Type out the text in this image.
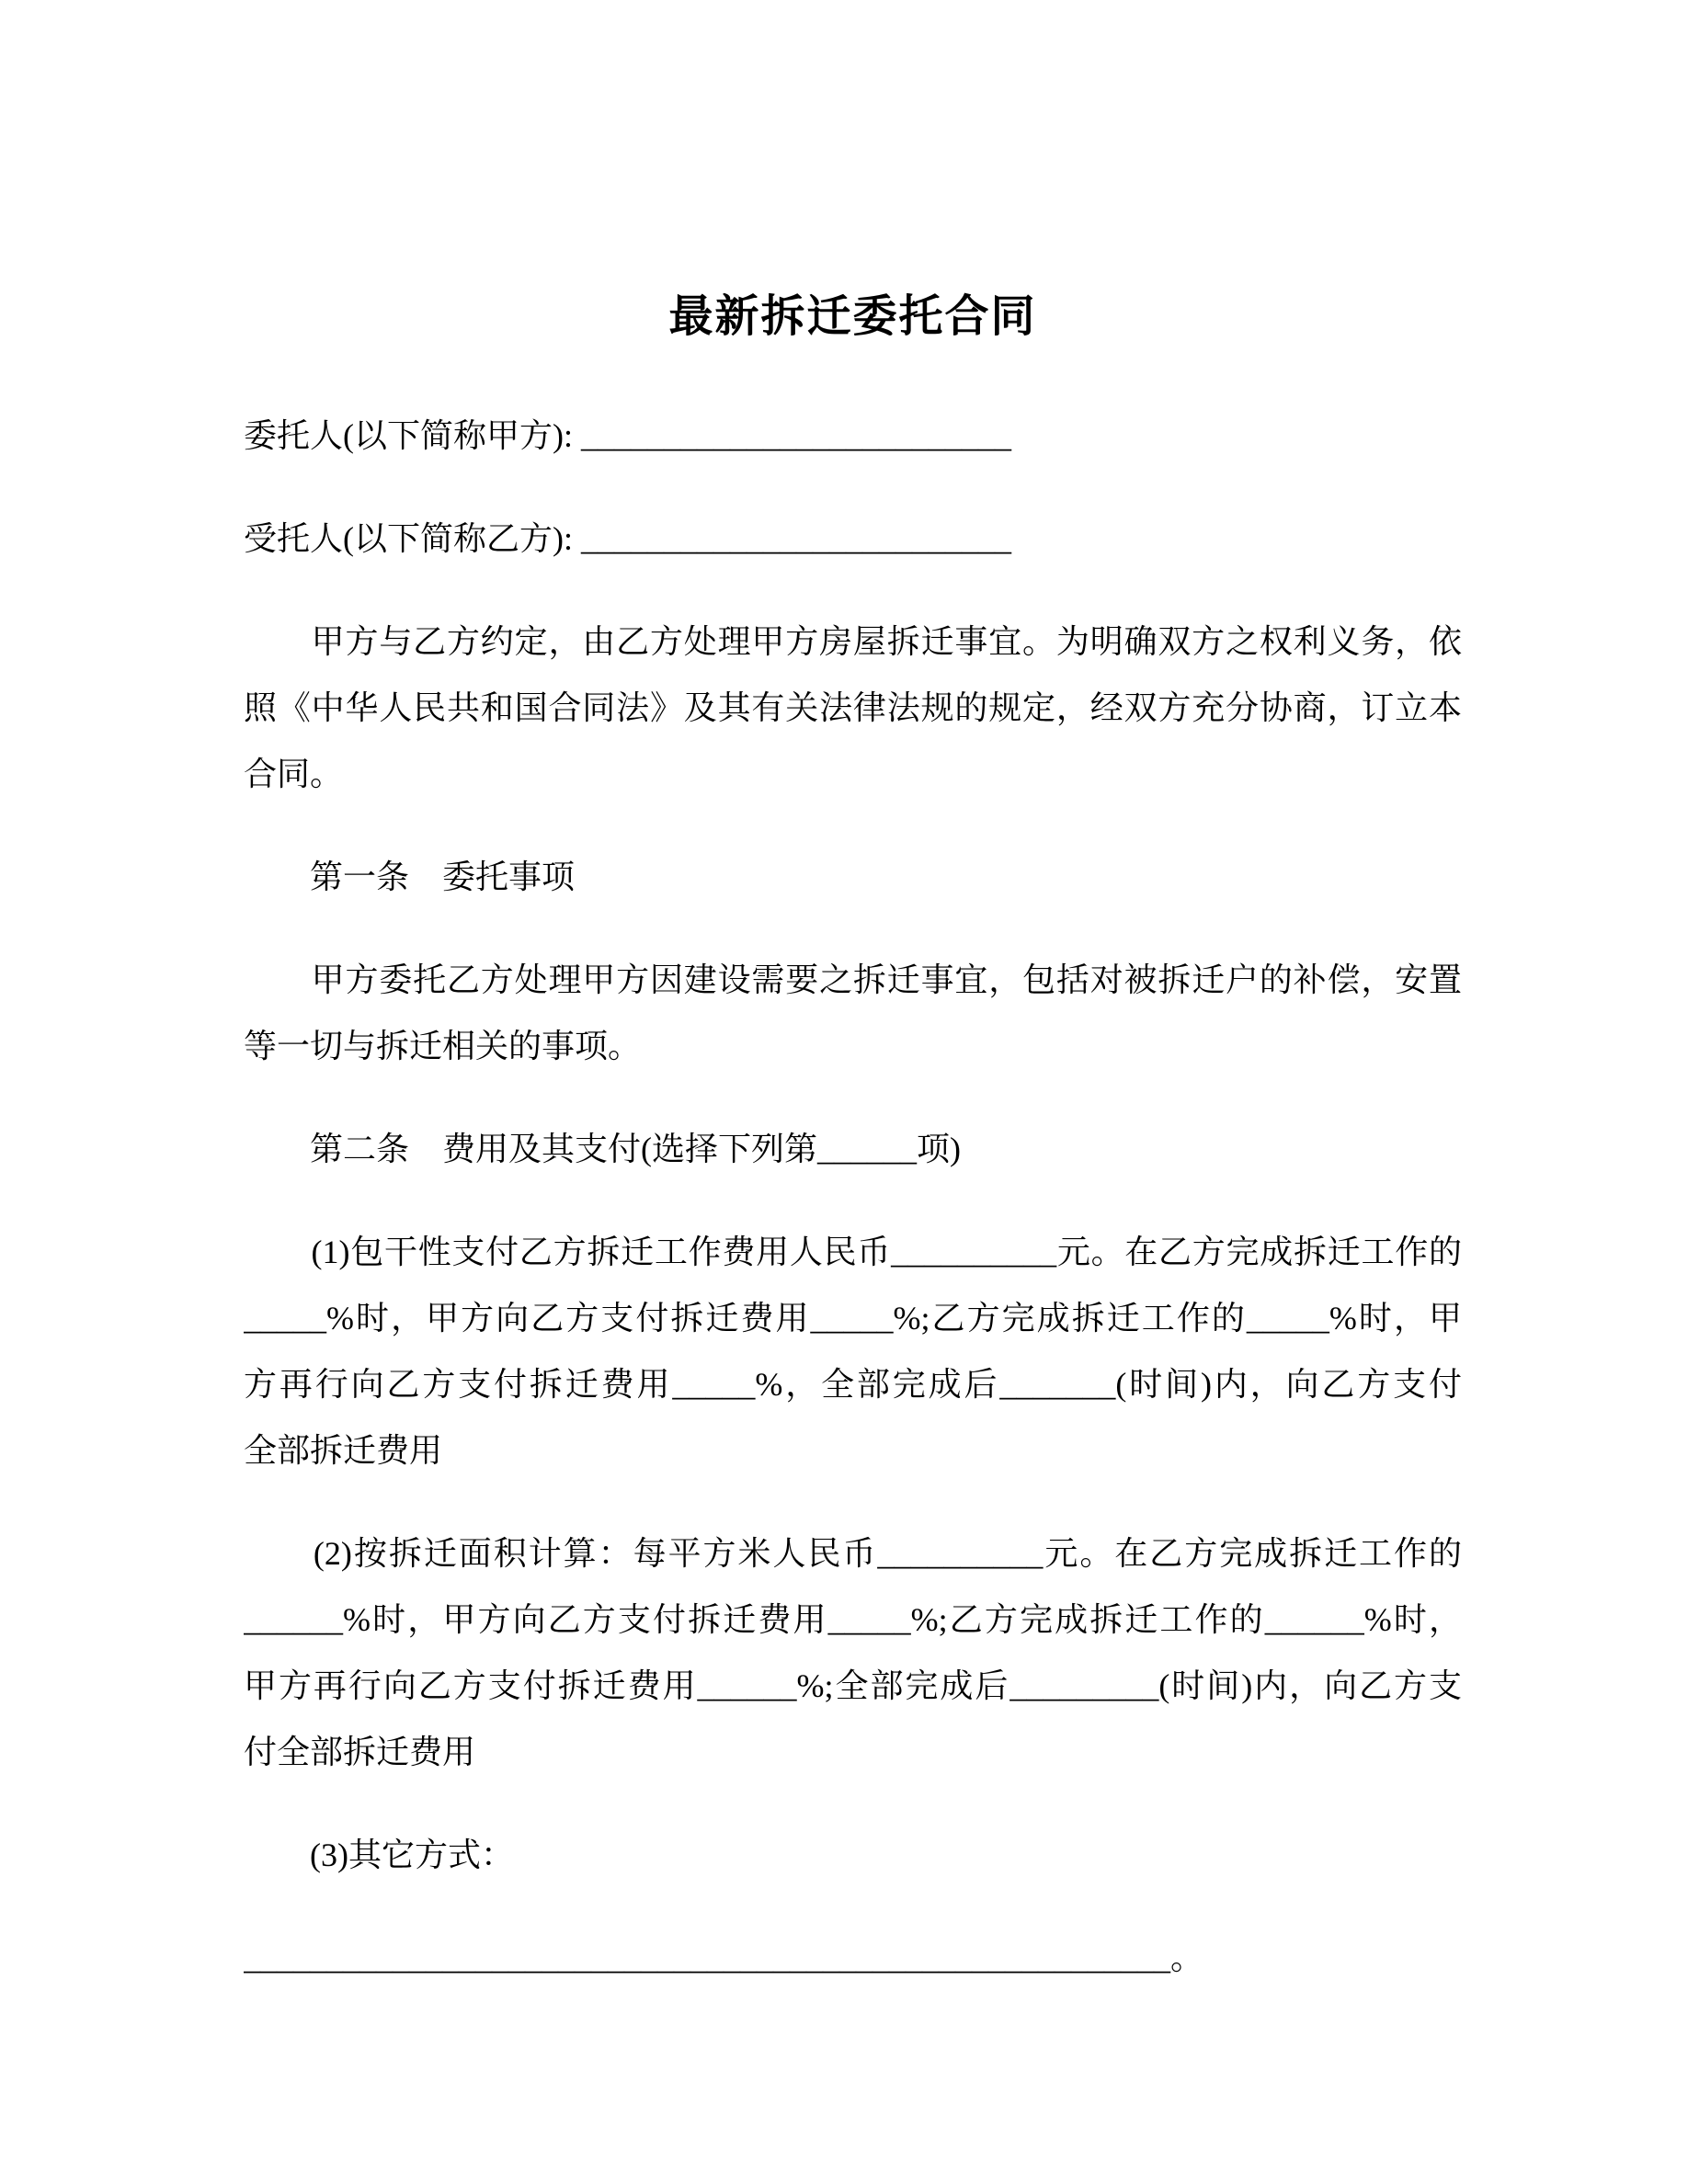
最新拆迁委托合同
委托人(以下简称甲方): __________________________
受托人(以下简称乙方): __________________________
　　甲方与乙方约定，由乙方处理甲方房屋拆迁事宜。为明确双方之权利义务，依
照《中华人民共和国合同法》及其有关法律法规的规定，经双方充分协商，订立本
合同。
　　第一条　委托事项
　　甲方委托乙方处理甲方因建设需要之拆迁事宜，包括对被拆迁户的补偿，安置
等一切与拆迁相关的事项。
　　第二条　费用及其支付(选择下列第______项)
　　(1)包干性支付乙方拆迁工作费用人民币__________元。在乙方完成拆迁工作的
_____%时，甲方向乙方支付拆迁费用_____%;乙方完成拆迁工作的_____%时，甲
方再行向乙方支付拆迁费用_____%，全部完成后_______(时间)内，向乙方支付
全部拆迁费用
　　(2)按拆迁面积计算：每平方米人民币__________元。在乙方完成拆迁工作的
______%时，甲方向乙方支付拆迁费用_____%;乙方完成拆迁工作的______%时，
甲方再行向乙方支付拆迁费用______%;全部完成后_________(时间)内，向乙方支
付全部拆迁费用
　　(3)其它方式：
________________________________________________________。
